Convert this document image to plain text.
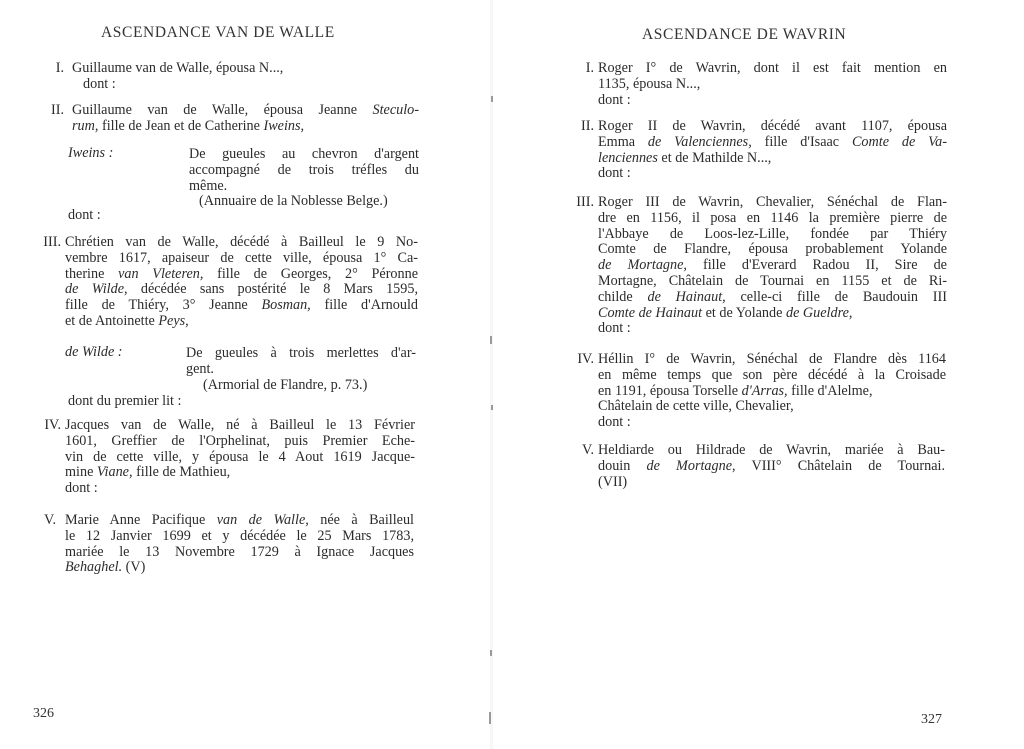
ASCENDANCE VAN DE WALLE
I. Guillaume van de Walle, épousa N...,
dont :
II. Guillaume van de Walle, épousa Jeanne Steculo-
rum, fille de Jean et de Catherine Iweins,
Iweins :	De gueules au chevron d'argent
accompagné de trois tréfles du
même.
(Annuaire de la Noblesse Belge.)
dont :
III. Chrétien van de Walle, décédé à Bailleul le 9 No-
vembre 1617, apaiseur de cette ville, épousa 1° Ca-
therine van Vleteren, fille de Georges, 2° Péronne
de Wilde, décédée sans postérité le 8 Mars 1595,
fille de Thiéry, 3° Jeanne Bosman, fille d'Arnould
et de Antoinette Peys,
de Wilde :	De gueules à trois merlettes d'ar-
gent.
(Armorial de Flandre, p. 73.)
dont du premier lit :
IV. Jacques van de Walle, né à Bailleul le 13 Février
1601, Greffier de l'Orphelinat, puis Premier Eche-
vin de cette ville, y épousa le 4 Aout 1619 Jacque-
mine Viane, fille de Mathieu,
dont :
V. Marie Anne Pacifique van de Walle, née à Bailleul
le 12 Janvier 1699 et y décédée le 25 Mars 1783,
mariée le 13 Novembre 1729 à Ignace Jacques
Behaghel. (V)
326
ASCENDANCE DE WAVRIN
I. Roger I° de Wavrin, dont il est fait mention en
1135, épousa N...,
dont :
II. Roger II de Wavrin, décédé avant 1107, épousa
Emma de Valenciennes, fille d'Isaac Comte de Va-
lenciennes et de Mathilde N...,
dont :
III. Roger III de Wavrin, Chevalier, Sénéchal de Flan-
dre en 1156, il posa en 1146 la première pierre de
l'Abbaye de Loos-lez-Lille, fondée par Thiéry
Comte de Flandre, épousa probablement Yolande
de Mortagne, fille d'Everard Radou II, Sire de
Mortagne, Châtelain de Tournai en 1155 et de Ri-
childe de Hainaut, celle-ci fille de Baudouin III
Comte de Hainaut et de Yolande de Gueldre,
dont :
IV. Héllin I° de Wavrin, Sénéchal de Flandre dès 1164
en même temps que son père décédé à la Croisade
en 1191, épousa Torselle d'Arras, fille d'Alelme,
Châtelain de cette ville, Chevalier,
dont :
V. Heldiarde ou Hildrade de Wavrin, mariée à Bau-
douin de Mortagne, VIII° Châtelain de Tournai.
(VII)
327
